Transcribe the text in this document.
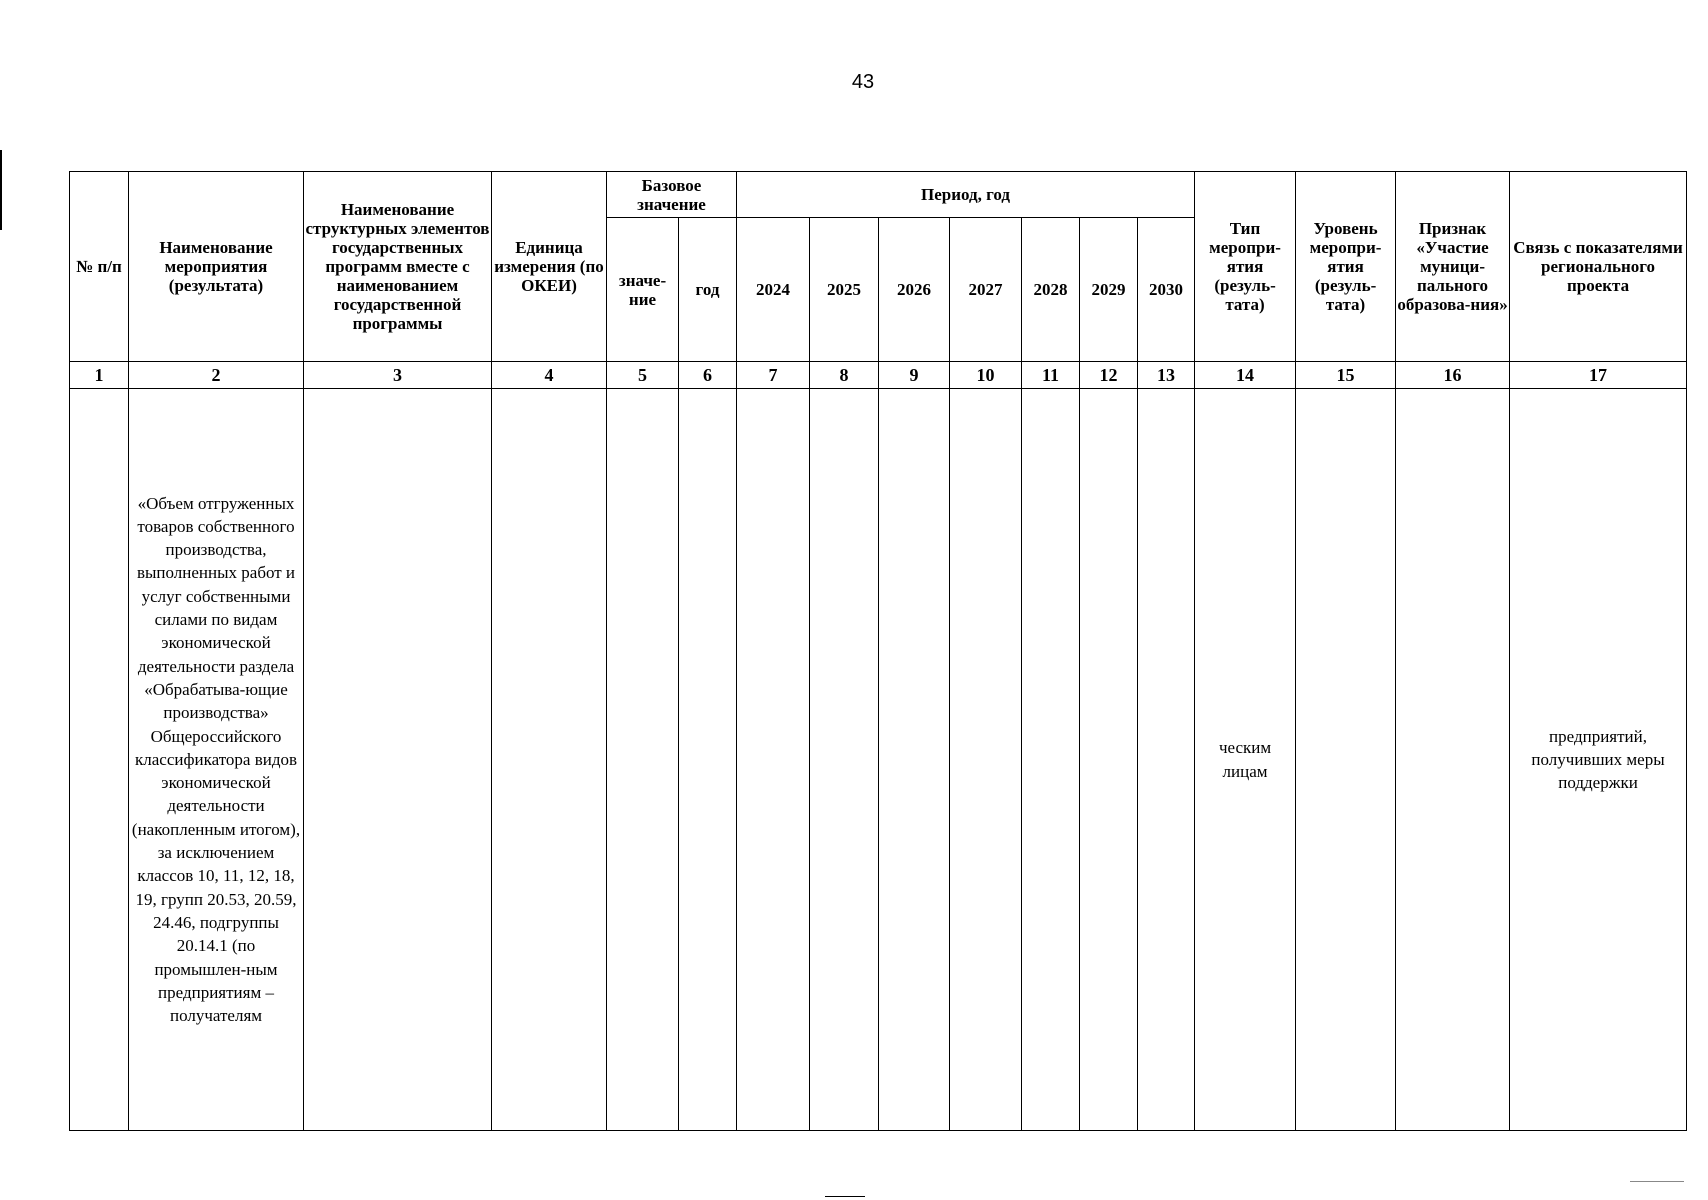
43
№ п/п	Наименование мероприятия (результата)	Наименование структурных элементов государственных программ вместе с наименованием государственной программы	Единица измерения (по ОКЕИ)	Базовое значение		Период, год							Тип меропри-ятия (резуль-тата)	Уровень меропри-ятия (резуль-тата)	Признак «Участие муници-пального образова-ния»	Связь с показателями регионального проекта
				значе-ние	год	2024	2025	2026	2027	2028	2029	2030				
1	2	3	4	5	6	7	8	9	10	11	12	13	14	15	16	17
	«Объем отгруженных товаров собственного производства, выполненных работ и услуг собственными силами по видам экономической деятельности раздела «Обрабатыва-ющие производства» Общероссийского классификатора видов экономической деятельности (накопленным итогом), за исключением классов 10, 11, 12, 18, 19, групп 20.53, 20.59, 24.46, подгруппы 20.14.1 (по промышлен-ным предприятиям – получателям												ческим лицам			предприятий, получивших меры поддержки
